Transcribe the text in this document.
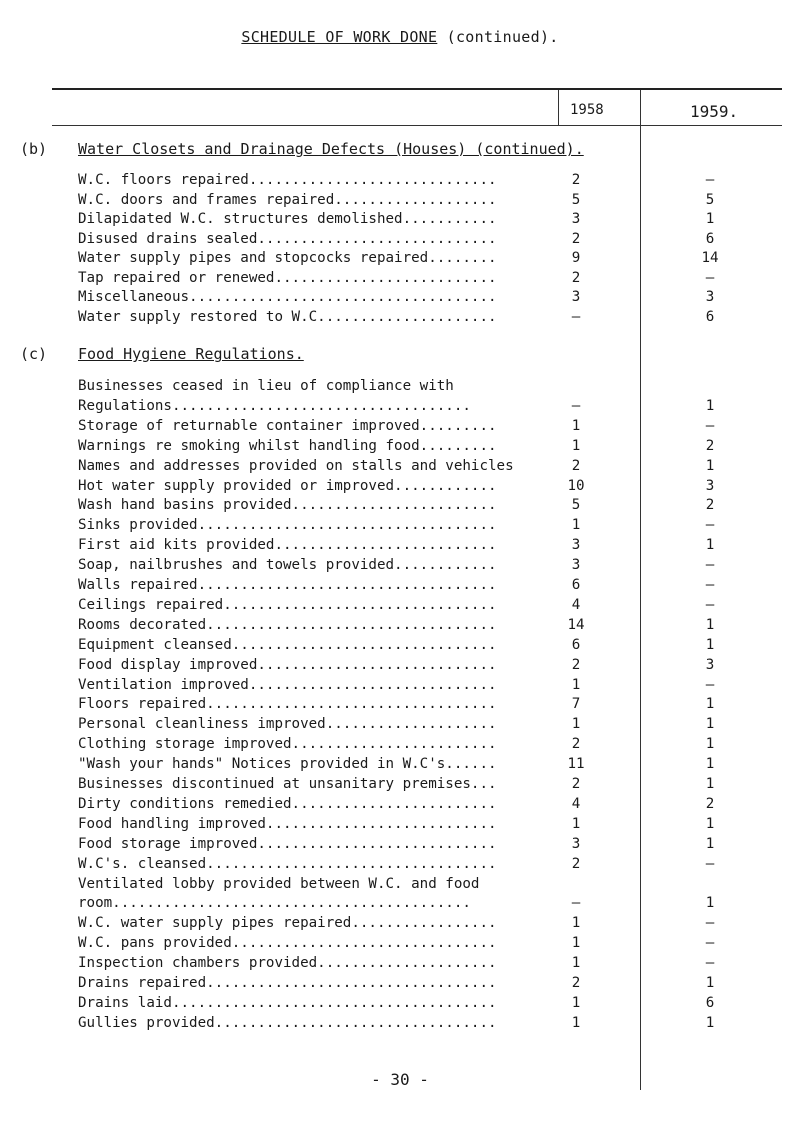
SCHEDULE OF WORK DONE (continued).
1958	1959.
(b) Water Closets and Drainage Defects (Houses) (continued).
W.C. floors repaired.............................	2	–
W.C. doors and frames repaired...................	5	5
Dilapidated W.C. structures demolished...........	3	1
Disused drains sealed............................	2	6
Water supply pipes and stopcocks repaired........	9	14
Tap repaired or renewed..........................	2	–
Miscellaneous....................................	3	3
Water supply restored to W.C.....................	–	6
(c) Food Hygiene Regulations.
Businesses ceased in lieu of compliance with
Regulations...................................	–	1
Storage of returnable container improved.........	1	–
Warnings re smoking whilst handling food.........	1	2
Names and addresses provided on stalls and vehicles	2	1
Hot water supply provided or improved............	10	3
Wash hand basins provided........................	5	2
Sinks provided...................................	1	–
First aid kits provided..........................	3	1
Soap, nailbrushes and towels provided............	3	–
Walls repaired...................................	6	–
Ceilings repaired................................	4	–
Rooms decorated..................................	14	1
Equipment cleansed...............................	6	1
Food display improved............................	2	3
Ventilation improved.............................	1	–
Floors repaired..................................	7	1
Personal cleanliness improved....................	1	1
Clothing storage improved........................	2	1
"Wash your hands" Notices provided in W.C's......	11	1
Businesses discontinued at unsanitary premises...	2	1
Dirty conditions remedied........................	4	2
Food handling improved...........................	1	1
Food storage improved............................	3	1
W.C's. cleansed..................................	2	–
Ventilated lobby provided between W.C. and food
room..........................................	–	1
W.C. water supply pipes repaired.................	1	–
W.C. pans provided...............................	1	–
Inspection chambers provided.....................	1	–
Drains repaired..................................	2	1
Drains laid......................................	1	6
Gullies provided.................................	1	1
- 30 -
